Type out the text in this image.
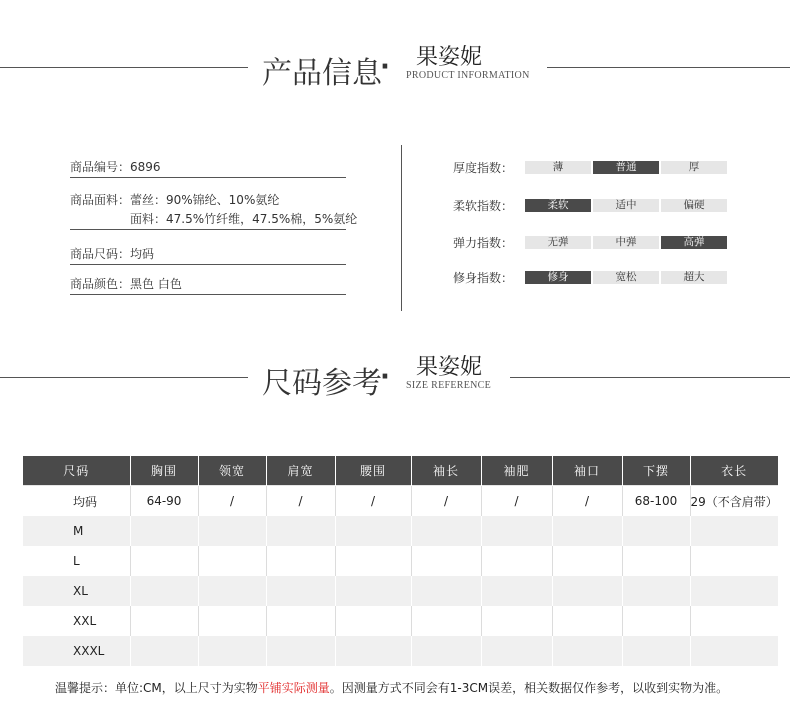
产品信息
· 果姿妮
PRODUCT INFORMATION
商品编号：6896
商品面料：蕾丝：90%锦纶、10%氨纶
面料：47.5%竹纤维，47.5%棉，5%氨纶
商品尺码：均码
商品颜色：黑色 白色
厚度指数：	薄	普通	厚
柔软指数：	柔软	适中	偏硬
弹力指数：	无弹	中弹	高弹
修身指数：	修身	宽松	超大
尺码参考
· 果姿妮
SIZE REFERENCE
尺码	胸围	领宽	肩宽	腰围	袖长	袖肥	袖口	下摆	衣长
均码	64-90	/	/	/	/	/	/	68-100	29（不含肩带）
M									
L									
XL									
XXL									
XXXL									
温馨提示：单位:CM，以上尺寸为实物平铺实际测量。因测量方式不同会有1-3CM误差，相关数据仅作参考，以收到实物为准。
